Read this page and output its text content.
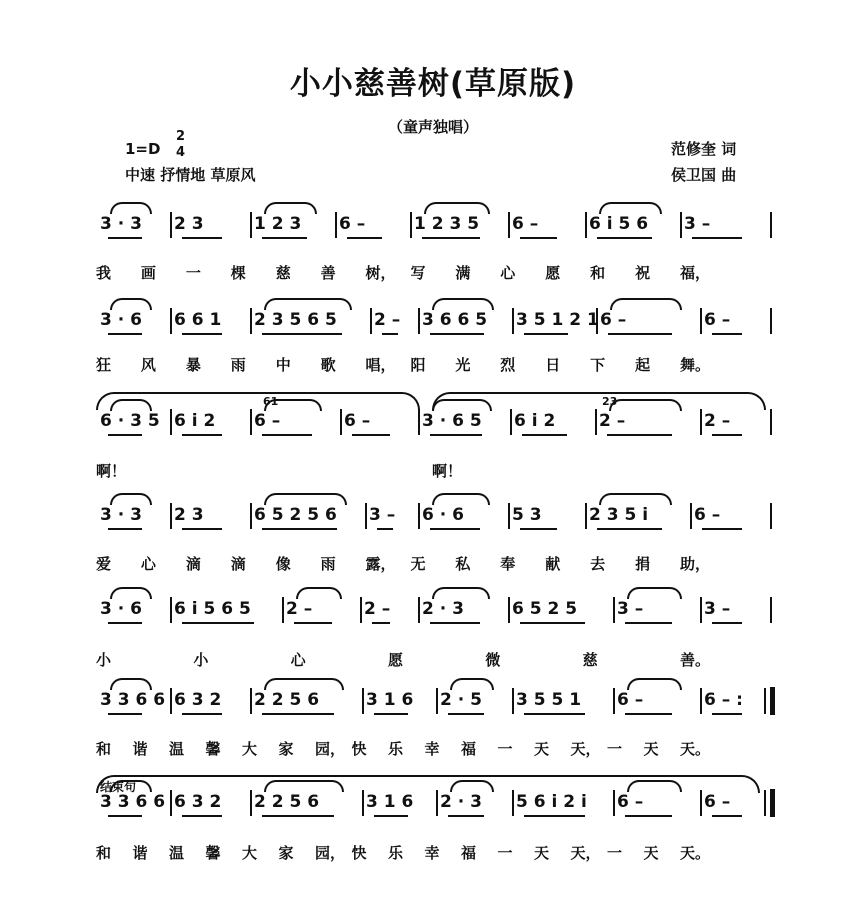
小小慈善树(草原版)
（童声独唱）
1=D
2
4
中速 抒情地 草原风
范修奎 词
侯卫国 曲
3 · 3 2 3	1 2 3 6 –	1 2 3 5 6 –	6 i 5 6 3 –
我 画 一 棵 慈 善 树， 写 满 心 愿 和 祝 福，
3 · 6 6 6 1 2 3 5 6 5 2 – 3 6 6 5 3 5 1 2 1 6 –	6 –
狂 风 暴 雨 中 歌 唱， 阳 光 烈 日 下 起 舞。
6 · 3 5 6 i 2 6 –	6 –	3 · 6 5 6 i 2	2 –	2 –
啊！	啊！
61	23
3 · 3 2 3	6 5 2 5 6 3 – 6 · 6	5 3	2 3 5 i	6 –
爱 心 滴 滴 像 雨 露， 无 私 奉 献 去 捐 助，
3 · 6 6 i 5 6 5 2 –	2 – 2 · 3	6 5 2 5 3 –	3 –
小	小	心	愿	微	慈	善。
3 3 6 6 6 3 2 2 2 5 6	3 1 6 2 · 5 3 5 5 1 6 –	6 – :
和 谐 温 馨 大 家 园， 快 乐 幸 福 一 天 天， 一 天 天。
3 3 6 6 6 3 2 2 2 5 6	3 1 6 2 · 3 5 6 i 2 i 6 –	6 –
和 谐 温 馨 大 家 园， 快 乐 幸 福 一 天 天， 一 天 天。
结束句
